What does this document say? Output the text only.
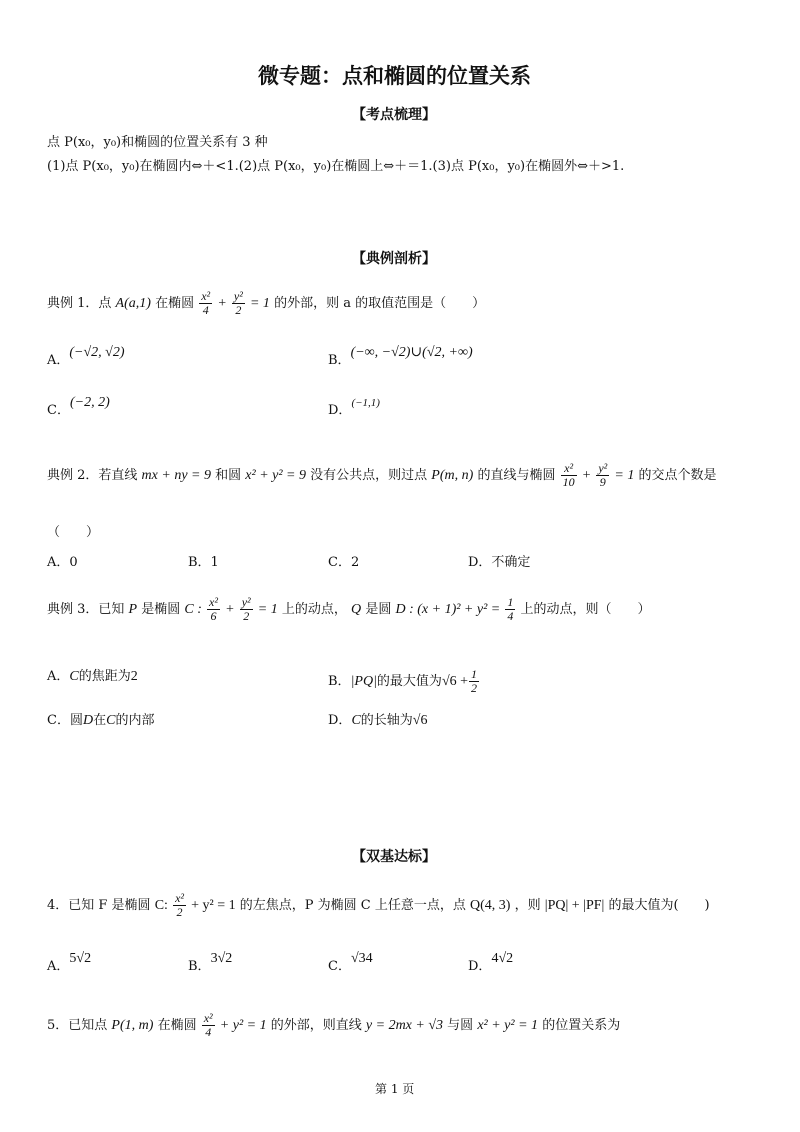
微专题：点和椭圆的位置关系
【考点梳理】
点 P(x₀，y₀)和椭圆的位置关系有 3 种
(1)点 P(x₀，y₀)在椭圆内⇔＋<1.(2)点 P(x₀，y₀)在椭圆上⇔＋＝1.(3)点 P(x₀，y₀)在椭圆外⇔＋>1.
【典例剖析】
典例 1．点 A(a,1) 在椭圆 $\frac{\text{x²}}{4} + \frac{\text{y²}}{2} = 1$ 的外部，则 a 的取值范围是（　　）
A．(−√2, √2)
B．(−∞, −√2)∪(√2, +∞)
C．(−2, 2)
D．$^{(-1,1)}$
典例 2．若直线 mx + ny = 9 和圆 x² + y² = 9 没有公共点，则过点 P(m, n) 的直线与椭圆 $\frac{\text{x²}}{10} + \frac{\text{y²}}{9} = 1$ 的交点个数是
（　　）
A．0	B．1	C．2	D．不确定
典例 3．已知 P 是椭圆 C : $\frac{\text{x²}}{6} + \frac{\text{y²}}{2} = 1$ 上的动点， Q 是圆 D : $(x + 1)^2 + y^2 = \frac{1}{4}$ 上的动点，则（　　）
A．C的焦距为2	B．|PQ|的最大值为$√6 + \frac{1}{2}$
C．圆D在C的内部	D．C的长轴为√6
【双基达标】
4．已知 F 是椭圆 C: $\frac{\text{x²}}{2} + y^2 = 1$ 的左焦点，P 为椭圆 C 上任意一点，点 Q(4, 3) ，则 |PQ| + |PF| 的最大值为(　　)
A．5√2
B．3√2
C．√34
D．4√2
5．已知点 P(1, m) 在椭圆 $\frac{\text{x²}}{4} + y^2 = 1$ 的外部，则直线 y = 2mx + √3 与圆 x² + y² = 1 的位置关系为
第 1 页
